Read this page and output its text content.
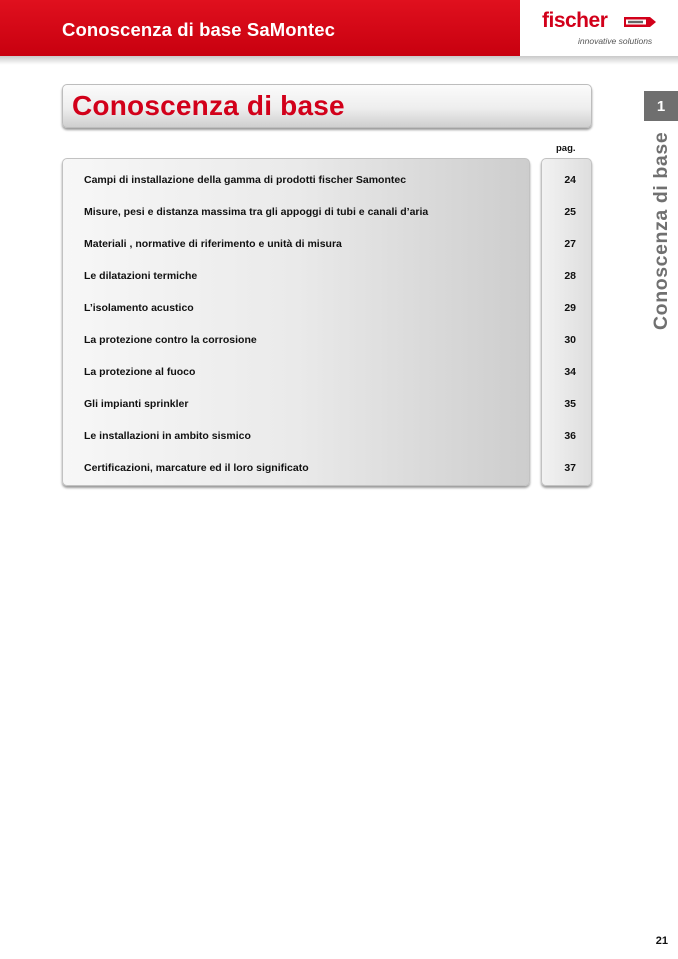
Conoscenza di base SaMontec	fischer
innovative solutions
Conoscenza di base	1
Conoscenza di base
pag.
Campi di installazione della gamma di prodotti fischer Samontec	24
Misure, pesi e distanza massima tra gli appoggi di tubi e canali d’aria	25
Materiali , normative di riferimento e unità di misura	27
Le dilatazioni termiche	28
L’isolamento acustico	29
La protezione contro la corrosione	30
La protezione al fuoco	34
Gli impianti sprinkler	35
Le installazioni in ambito sismico	36
Certificazioni, marcature ed il loro significato	37
21
